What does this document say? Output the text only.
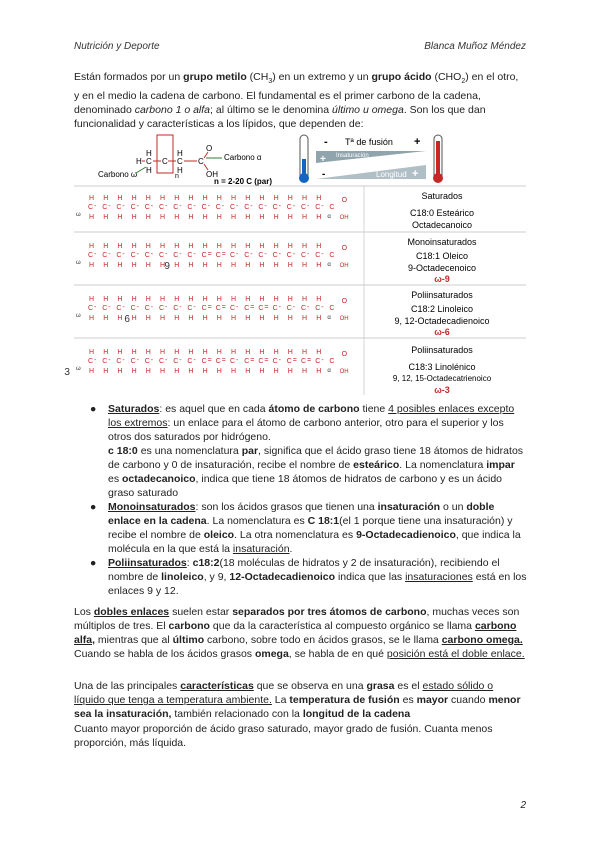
Nutrición y Deporte	Blanca Muñoz Méndez

Están formados por un grupo metilo $(CH_3)$ en un extremo y un grupo ácido $(CHO_2)$ en el otro, y en el medio la cadena de carbono. El fundamental es el primer carbono de la cadena, denominado carbono 1 o alfa; al último se le denomina último u omega. Son los que dan funcionalidad y características a los lípidos, que dependen de:

H	H
H C C C C
H	H
O
OH
n
Carbono ω
Carbono α
n = 2-20 C (par)
- Tª de fusión +
+ Insaturación -
-	Longitud +
C -
H
H
C -
H
H
C -
H
H
C -
H
H
C -
H
H
C -
H
H
C -
H
H
C -
H
H
C -
H
H
C -
H
H
C -
H
H
C -
H
H
C -
H
H
C -
H
H
C -
H
H
C -
H
H
C -
H
H
C
ω	α
O
OH
C -
H
H
C -
H
H
C -
H
H
C -
H
H
C -
H
H
C -
H
H
C -
H
H
C -
H
H
C =
H
H
C =
H
H
C -
H
H
C -
H
H
C -
H
H
C -
H
H
C -
H
H
C -
H
H
C -
H
H
C
ω	α
O
OH
9
C -
H
H
C -
H
H
C -
H
H
C -
H
H
C -
H
H
C -
H
H
C -
H
H
C -
H
H
C =
H
H
C =
H
H
C -
H
H
C =
H
H
C =
H
H
C -
H
H
C -
H
H
C -
H
H
C -
H
H
C
ω	α
O
OH
6
C -
H
H
C -
H
H
C -
H
H
C -
H
H
C -
H
H
C -
H
H
C -
H
H
C -
H
H
C =
H
H
C =
H
H
C -
H
H
C =
H
H
C =
H
H
C -
H
H
C =
H
H
C =
H
H
C -
H
H
C
ω	α
O
OH
3
Saturados
C18:0 Esteárico
Octadecanoico
Monoinsaturados
C18:1 Oleico
9-Octadecenoico
ω-9
Poliinsaturados
C18:2 Linoleico
9, 12-Octadecadienoico
ω-6
Poliinsaturados
C18:3 Linolénico
9, 12, 15-Octadecatrienoico
ω-3
● Saturados: es aquel que en cada átomo de carbono tiene 4 posibles enlaces excepto los extremos: un enlace para el átomo de carbono anterior, otro para el superior y los otros dos saturados por hidrógeno.

c 18:0 es una nomenclatura par, significa que el ácido graso tiene 18 átomos de hidratos de carbono y 0 de insaturación, recibe el nombre de esteárico. La nomenclatura impar es octadecanoico, indica que tiene 18 átomos de hidratos de carbono y es un ácido graso saturado

● Monoinsaturados: son los ácidos grasos que tienen una insaturación o un doble enlace en la cadena. La nomenclatura es C 18:1(el 1 porque tiene una insaturación) y recibe el nombre de oleico. La otra nomenclatura es 9-Octadecadienoico, que indica la molécula en la que está la insaturación.

● Poliinsaturados: c18:2(18 moléculas de hidratos y 2 de insaturación), recibiendo el nombre de linoleico, y 9, 12-Octadecadienoico indica que las insaturaciones está en los enlaces 9 y 12.

Los dobles enlaces suelen estar separados por tres átomos de carbono, muchas veces son múltiplos de tres. El carbono que da la característica al compuesto orgánico se llama carbono alfa, mientras que al último carbono, sobre todo en ácidos grasos, se le llama carbono omega. Cuando se habla de los ácidos grasos omega, se habla de en qué posición está el doble enlace.

Una de las principales características que se observa en una grasa es el estado sólido o líquido que tenga a temperatura ambiente. La temperatura de fusión es mayor cuando menor sea la insaturación, también relacionado con la longitud de la cadena

Cuanto mayor proporción de ácido graso saturado, mayor grado de fusión. Cuanta menos proporción, más líquida.

2
